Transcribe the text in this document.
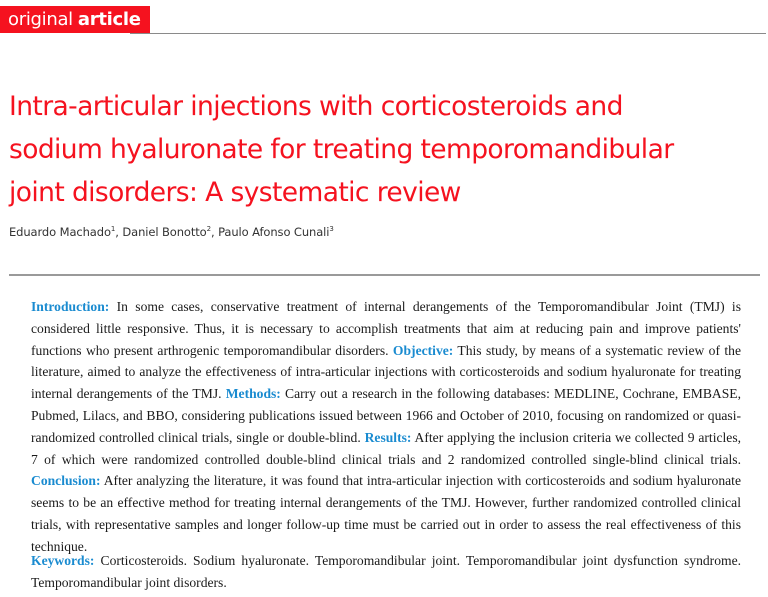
original article
Intra-articular injections with corticosteroids and
sodium hyaluronate for treating temporomandibular
joint disorders: A systematic review
Eduardo Machado$^1$, Daniel Bonotto$^2$, Paulo Afonso Cunali$^3$

Introduction: In some cases, conservative treatment of internal derangements of the Temporomandibular Joint (TMJ) is considered little responsive. Thus, it is necessary to accomplish treatments that aim at reducing pain and improve patients' functions who present arthrogenic temporomandibular disorders. Objective: This study, by means of a systematic review of the literature, aimed to analyze the effectiveness of intra-articular injections with corticosteroids and sodium hyaluronate for treating internal derangements of the TMJ. Methods: Carry out a research in the following databases: MEDLINE, Cochrane, EMBASE, Pubmed, Lilacs, and BBO, considering publications issued between 1966 and October of 2010, focusing on randomized or quasi-randomized controlled clinical trials, single or double-blind. Results: After applying the inclusion criteria we collected 9 articles, 7 of which were randomized controlled double-blind clinical trials and 2 randomized controlled single-blind clinical trials. Conclusion: After analyzing the literature, it was found that intra-articular injection with corticosteroids and sodium hyaluronate seems to be an effective method for treating internal derangements of the TMJ. However, further randomized controlled clinical trials, with representative samples and longer follow-up time must be carried out in order to assess the real effectiveness of this technique.

Keywords: Corticosteroids. Sodium hyaluronate. Temporomandibular joint. Temporomandibular joint dysfunction syndrome. Temporomandibular joint disorders.
